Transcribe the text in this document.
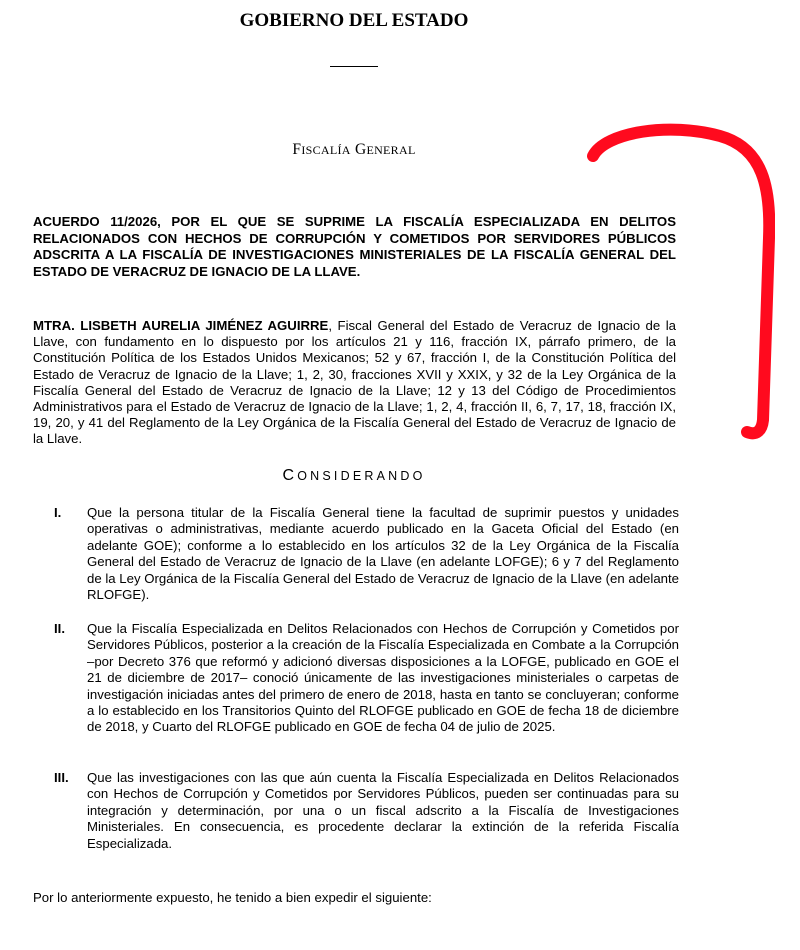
GOBIERNO DEL ESTADO
FISCALÍA GENERAL
ACUERDO 11/2026, POR EL QUE SE SUPRIME LA FISCALÍA ESPECIALIZADA EN DELITOS RELACIONADOS CON HECHOS DE CORRUPCIÓN Y COMETIDOS POR SERVIDORES PÚBLICOS ADSCRITA A LA FISCALÍA DE INVESTIGACIONES MINISTERIALES DE LA FISCALÍA GENERAL DEL ESTADO DE VERACRUZ DE IGNACIO DE LA LLAVE.
MTRA. LISBETH AURELIA JIMÉNEZ AGUIRRE, Fiscal General del Estado de Veracruz de Ignacio de la Llave, con fundamento en lo dispuesto por los artículos 21 y 116, fracción IX, párrafo primero, de la Constitución Política de los Estados Unidos Mexicanos; 52 y 67, fracción I, de la Constitución Política del Estado de Veracruz de Ignacio de la Llave; 1, 2, 30, fracciones XVII y XXIX, y 32 de la Ley Orgánica de la Fiscalía General del Estado de Veracruz de Ignacio de la Llave; 12 y 13 del Código de Procedimientos Administrativos para el Estado de Veracruz de Ignacio de la Llave; 1, 2, 4, fracción II, 6, 7, 17, 18, fracción IX, 19, 20, y 41 del Reglamento de la Ley Orgánica de la Fiscalía General del Estado de Veracruz de Ignacio de la Llave.
CONSIDERANDO
I. Que la persona titular de la Fiscalía General tiene la facultad de suprimir puestos y unidades operativas o administrativas, mediante acuerdo publicado en la Gaceta Oficial del Estado (en adelante GOE); conforme a lo establecido en los artículos 32 de la Ley Orgánica de la Fiscalía General del Estado de Veracruz de Ignacio de la Llave (en adelante LOFGE); 6 y 7 del Reglamento de la Ley Orgánica de la Fiscalía General del Estado de Veracruz de Ignacio de la Llave (en adelante RLOFGE).
II. Que la Fiscalía Especializada en Delitos Relacionados con Hechos de Corrupción y Cometidos por Servidores Públicos, posterior a la creación de la Fiscalía Especializada en Combate a la Corrupción –por Decreto 376 que reformó y adicionó diversas disposiciones a la LOFGE, publicado en GOE el 21 de diciembre de 2017– conoció únicamente de las investigaciones ministeriales o carpetas de investigación iniciadas antes del primero de enero de 2018, hasta en tanto se concluyeran; conforme a lo establecido en los Transitorios Quinto del RLOFGE publicado en GOE de fecha 18 de diciembre de 2018, y Cuarto del RLOFGE publicado en GOE de fecha 04 de julio de 2025.
III. Que las investigaciones con las que aún cuenta la Fiscalía Especializada en Delitos Relacionados con Hechos de Corrupción y Cometidos por Servidores Públicos, pueden ser continuadas para su integración y determinación, por una o un fiscal adscrito a la Fiscalía de Investigaciones Ministeriales. En consecuencia, es procedente declarar la extinción de la referida Fiscalía Especializada.
Por lo anteriormente expuesto, he tenido a bien expedir el siguiente:
